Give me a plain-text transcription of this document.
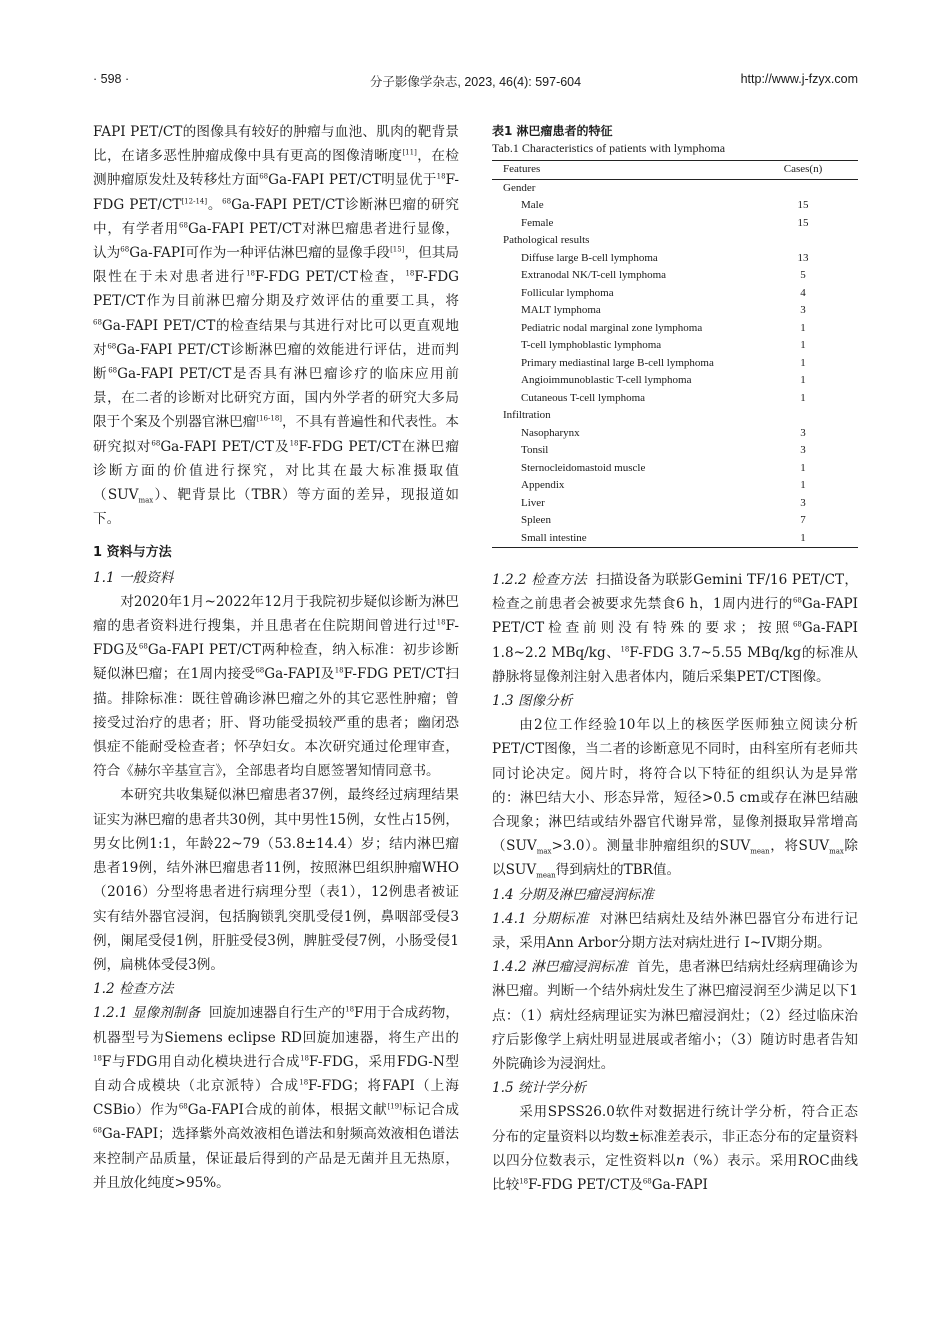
· 598 ·	分子影像学杂志, 2023, 46(4): 597-604	http://www.j-fzyx.com

FAPI PET/CT的图像具有较好的肿瘤与血池、肌肉的靶背景比，在诸多恶性肿瘤成像中具有更高的图像清晰度[11]，在检测肿瘤原发灶及转移灶方面$^{68}$Ga-FAPI PET/CT明显优于$^{18}$F-FDG PET/CT[12-14]。$^{68}$Ga-FAPI PET/CT诊断淋巴瘤的研究中，有学者用$^{68}$Ga-FAPI PET/CT对淋巴瘤患者进行显像，认为$^{68}$Ga-FAPI可作为一种评估淋巴瘤的显像手段[15]，但其局限性在于未对患者进行$^{18}$F-FDG PET/CT检查，$^{18}$F-FDG PET/CT作为目前淋巴瘤分期及疗效评估的重要工具，将$^{68}$Ga-FAPI PET/CT的检查结果与其进行对比可以更直观地对$^{68}$Ga-FAPI PET/CT诊断淋巴瘤的效能进行评估，进而判断$^{68}$Ga-FAPI PET/CT是否具有淋巴瘤诊疗的临床应用前景，在二者的诊断对比研究方面，国内外学者的研究大多局限于个案及个别器官淋巴瘤[16-18]，不具有普遍性和代表性。本研究拟对$^{68}$Ga-FAPI PET/CT及$^{18}$F-FDG PET/CT在淋巴瘤诊断方面的价值进行探究，对比其在最大标准摄取值$(SUV_{max})$、靶背景比（TBR）等方面的差异，现报道如下。

1 资料与方法

1.1 一般资料

对2020年1月~2022年12月于我院初步疑似诊断为淋巴瘤的患者资料进行搜集，并且患者在住院期间曾进行过$^{18}$F-FDG及$^{68}$Ga-FAPI PET/CT两种检查，纳入标准：初步诊断疑似淋巴瘤；在1周内接受$^{68}$Ga-FAPI及$^{18}$F-FDG PET/CT扫描。排除标准：既往曾确诊淋巴瘤之外的其它恶性肿瘤；曾接受过治疗的患者；肝、肾功能受损较严重的患者；幽闭恐惧症不能耐受检查者；怀孕妇女。本次研究通过伦理审查，符合《赫尔辛基宣言》，全部患者均自愿签署知情同意书。

本研究共收集疑似淋巴瘤患者37例，最终经过病理结果证实为淋巴瘤的患者共30例，其中男性15例，女性占15例，男女比例1:1，年龄22~79（53.8±14.4）岁；结内淋巴瘤患者19例，结外淋巴瘤患者11例，按照淋巴组织肿瘤WHO（2016）分型将患者进行病理分型（表1），12例患者被证实有结外器官浸润，包括胸锁乳突肌受侵1例，鼻咽部受侵3例，阑尾受侵1例，肝脏受侵3例，脾脏受侵7例，小肠受侵1例，扁桃体受侵3例。

1.2 检查方法

1.2.1 显像剂制备 回旋加速器自行生产的$^{18}$F用于合成药物，机器型号为Siemens eclipse RD回旋加速器，将生产出的$^{18}$F与FDG用自动化模块进行合成$^{18}$F-FDG，采用FDG-N型自动合成模块（北京派特）合成$^{18}$F-FDG；将FAPI（上海CSBio）作为$^{68}$Ga-FAPI合成的前体，根据文献[19]标记合成$^{68}$Ga-FAPI；选择紫外高效液相色谱法和射频高效液相色谱法来控制产品质量，保证最后得到的产品是无菌并且无热原，并且放化纯度>95%。

表1 淋巴瘤患者的特征
Tab.1 Characteristics of patients with lymphoma
Features	Cases(n)
Gender	
Male	15
Female	15
Pathological results	
Diffuse large B-cell lymphoma	13
Extranodal NK/T-cell lymphoma	5
Follicular lymphoma	4
MALT lymphoma	3
Pediatric nodal marginal zone lymphoma	1
T-cell lymphoblastic lymphoma	1
Primary mediastinal large B-cell lymphoma	1
Angioimmunoblastic T-cell lymphoma	1
Cutaneous T-cell lymphoma	1
Infiltration	
Nasopharynx	3
Tonsil	3
Sternocleidomastoid muscle	1
Appendix	1
Liver	3
Spleen	7
Small intestine	1

1.2.2 检查方法 扫描设备为联影Gemini TF/16 PET/CT，检查之前患者会被要求先禁食6 h，1周内进行的$^{68}$Ga-FAPI PET/CT检查前则没有特殊的要求；按照$^{68}$Ga-FAPI 1.8~2.2 MBq/kg、$^{18}$F-FDG 3.7~5.55 MBq/kg的标准从静脉将显像剂注射入患者体内，随后采集PET/CT图像。

1.3 图像分析

由2位工作经验10年以上的核医学医师独立阅读分析PET/CT图像，当二者的诊断意见不同时，由科室所有老师共同讨论决定。阅片时，将符合以下特征的组织认为是异常的：淋巴结大小、形态异常，短径>0.5 cm或存在淋巴结融合现象；淋巴结或结外器官代谢异常，显像剂摄取异常增高$(SUV_{max}>3.0)$。测量非肿瘤组织的$SUV_{mean}$，将$SUV_{max}$除以$SUV_{mean}$得到病灶的TBR值。

1.4 分期及淋巴瘤浸润标准

1.4.1 分期标准 对淋巴结病灶及结外淋巴器官分布进行记录，采用Ann Arbor分期方法对病灶进行 I~IV期分期。

1.4.2 淋巴瘤浸润标准 首先，患者淋巴结病灶经病理确诊为淋巴瘤。判断一个结外病灶发生了淋巴瘤浸润至少满足以下1点：（1）病灶经病理证实为淋巴瘤浸润灶；（2）经过临床治疗后影像学上病灶明显进展或者缩小；（3）随访时患者告知外院确诊为浸润灶。

1.5 统计学分析

采用SPSS26.0软件对数据进行统计学分析，符合正态分布的定量资料以均数±标准差表示，非正态分布的定量资料以四分位数表示，定性资料以n（%）表示。采用ROC曲线比较$^{18}$F-FDG PET/CT及$^{68}$Ga-FAPI
